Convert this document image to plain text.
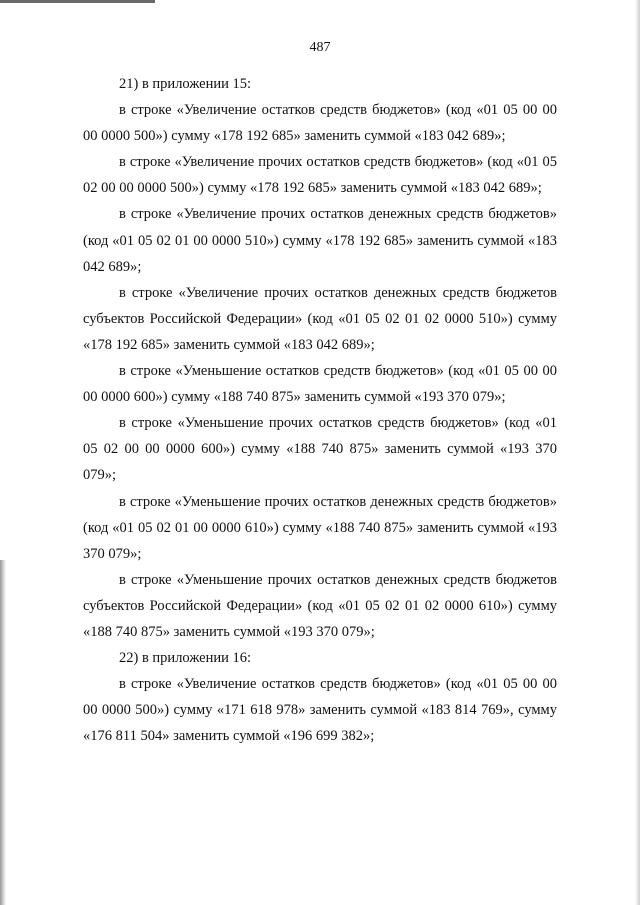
487

21) в приложении 15:

в строке «Увеличение остатков средств бюджетов» (код «01 05 00 00 00 0000 500») сумму «178 192 685» заменить суммой «183 042 689»;

в строке «Увеличение прочих остатков средств бюджетов» (код «01 05 02 00 00 0000 500») сумму «178 192 685» заменить суммой «183 042 689»;

в строке «Увеличение прочих остатков денежных средств бюджетов» (код «01 05 02 01 00 0000 510») сумму «178 192 685» заменить суммой «183 042 689»;

в строке «Увеличение прочих остатков денежных средств бюджетов субъектов Российской Федерации» (код «01 05 02 01 02 0000 510») сумму «178 192 685» заменить суммой «183 042 689»;

в строке «Уменьшение остатков средств бюджетов» (код «01 05 00 00 00 0000 600») сумму «188 740 875» заменить суммой «193 370 079»;

в строке «Уменьшение прочих остатков средств бюджетов» (код «01 05 02 00 00 0000 600») сумму «188 740 875» заменить суммой «193 370 079»;

в строке «Уменьшение прочих остатков денежных средств бюджетов» (код «01 05 02 01 00 0000 610») сумму «188 740 875» заменить суммой «193 370 079»;

в строке «Уменьшение прочих остатков денежных средств бюджетов субъектов Российской Федерации» (код «01 05 02 01 02 0000 610») сумму «188 740 875» заменить суммой «193 370 079»;

22) в приложении 16:

в строке «Увеличение остатков средств бюджетов» (код «01 05 00 00 00 0000 500») сумму «171 618 978» заменить суммой «183 814 769», сумму «176 811 504» заменить суммой «196 699 382»;
